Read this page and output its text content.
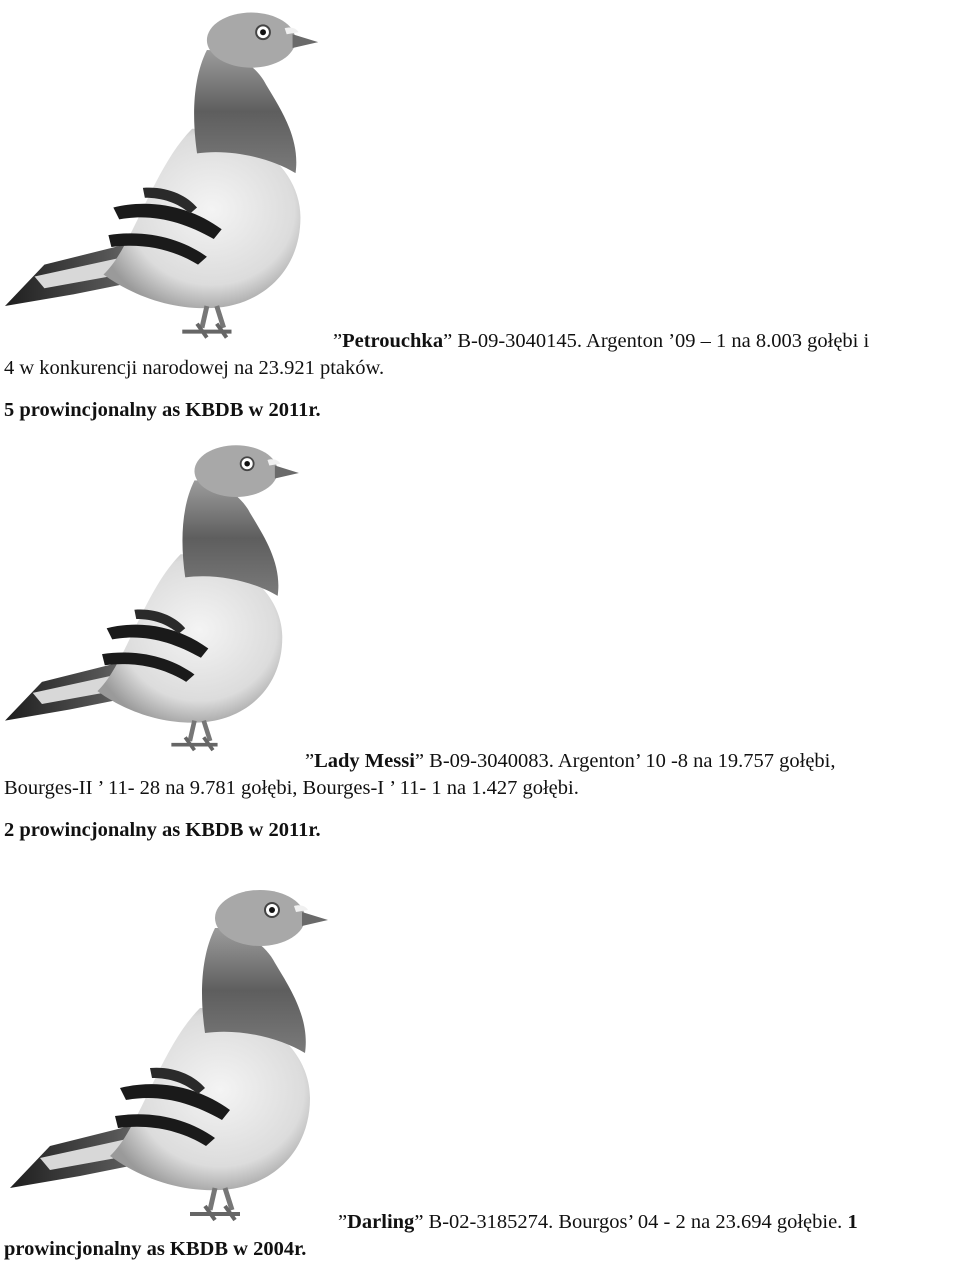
”Petrouchka” B-09-3040145. Argenton ’09 – 1 na 8.003 gołębi i
4 w konkurencji narodowej na 23.921 ptaków.
5 prowincjonalny as KBDB w 2011r.
”Lady Messi” B-09-3040083. Argenton’ 10 -8 na 19.757 gołębi,
Bourges-II ’ 11- 28 na 9.781 gołębi, Bourges-I ’ 11- 1 na 1.427 gołębi.
2 prowincjonalny as KBDB w 2011r.
”Darling” B-02-3185274. Bourgos’ 04 - 2 na 23.694 gołębie. 1
prowincjonalny as KBDB w 2004r.
